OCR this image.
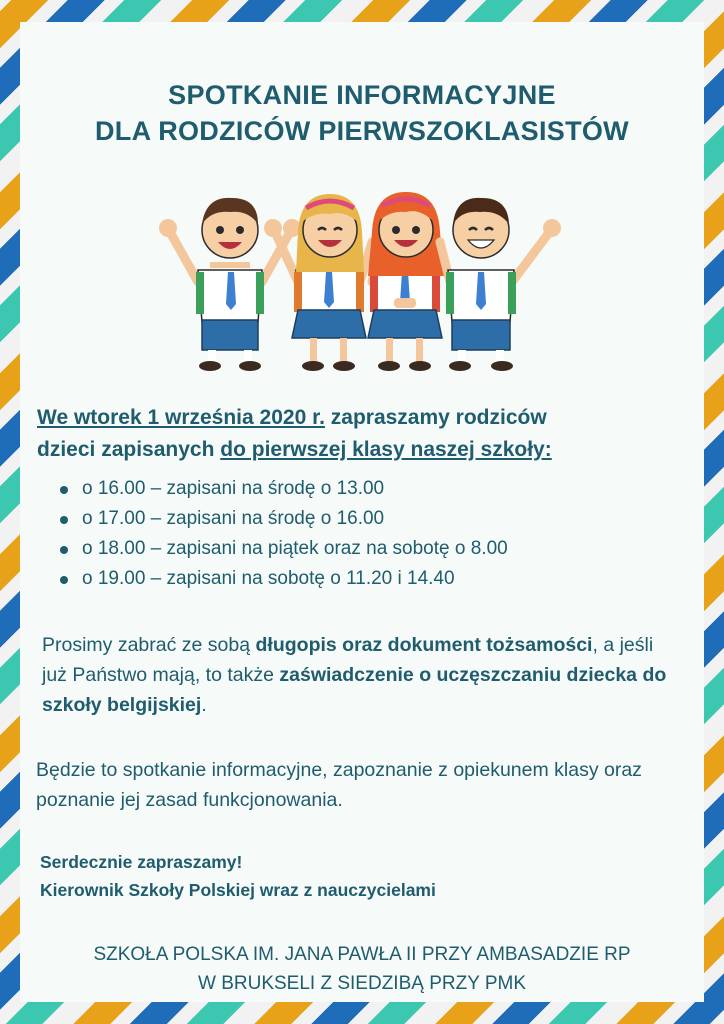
SPOTKANIE INFORMACYJNE
DLA RODZICÓW PIERWSZOKLASISTÓW
We wtorek 1 września 2020 r. zapraszamy rodziców
dzieci zapisanych do pierwszej klasy naszej szkoły:
o 16.00 – zapisani na środę o 13.00
o 17.00 – zapisani na środę o 16.00
o 18.00 – zapisani na piątek oraz na sobotę o 8.00
o 19.00 – zapisani na sobotę o 11.20 i 14.40
Prosimy zabrać ze sobą długopis oraz dokument tożsamości, a jeśli już Państwo mają, to także zaświadczenie o uczęszczaniu dziecka do szkoły belgijskiej.
Będzie to spotkanie informacyjne, zapoznanie z opiekunem klasy oraz poznanie jej zasad funkcjonowania.
Serdecznie zapraszamy!
Kierownik Szkoły Polskiej wraz z nauczycielami
SZKOŁA POLSKA IM. JANA PAWŁA II PRZY AMBASADZIE RP
W BRUKSELI Z SIEDZIBĄ PRZY PMK
